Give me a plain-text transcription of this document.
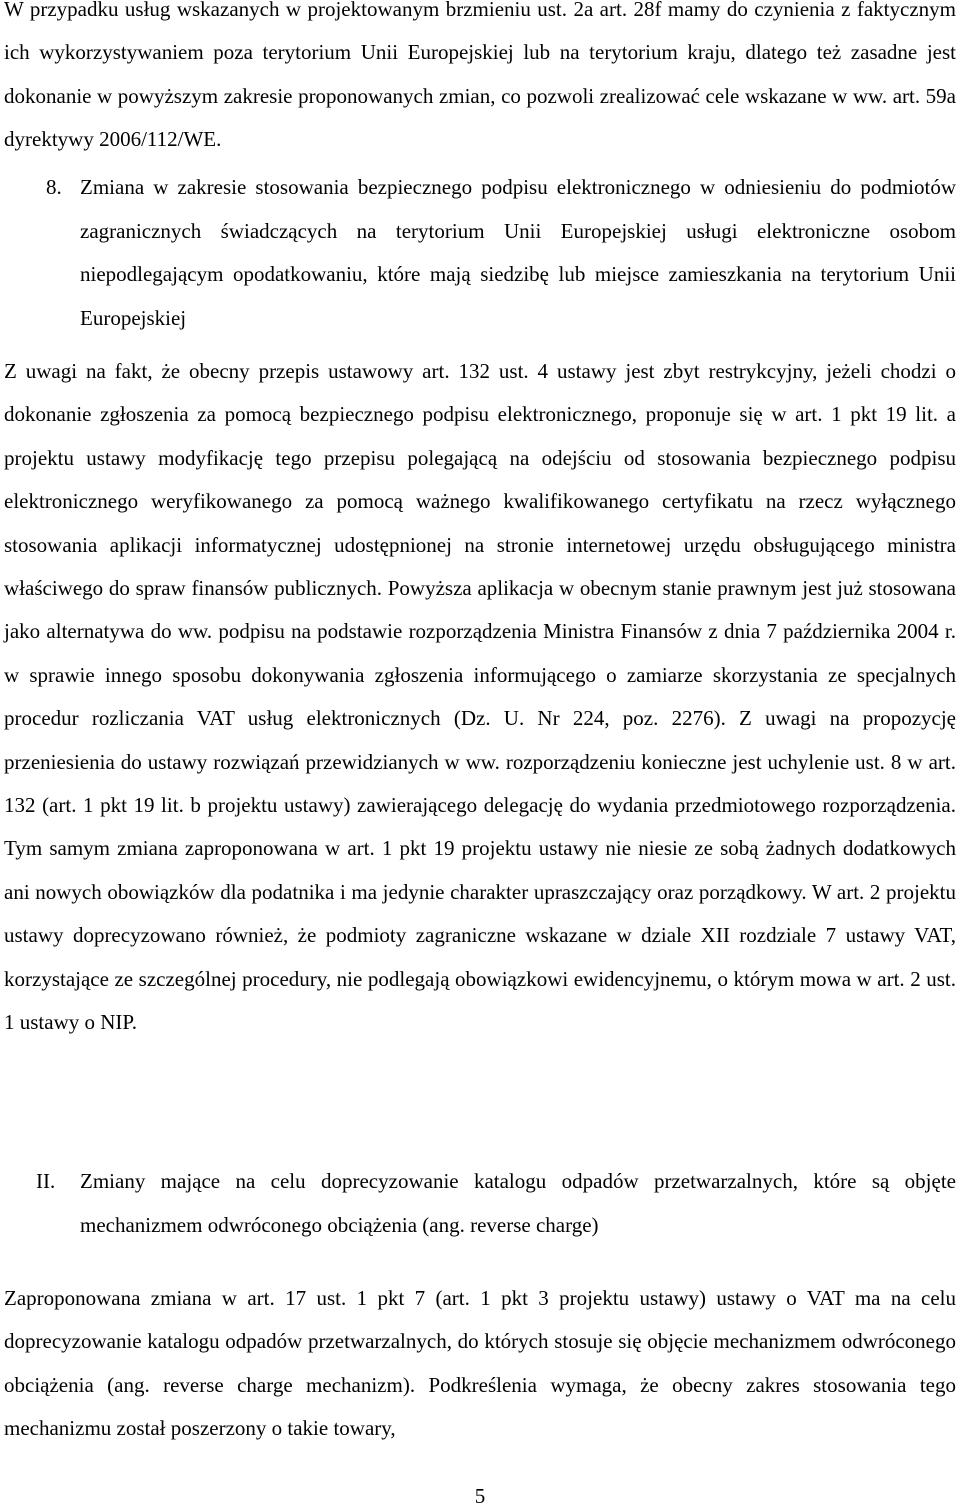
W przypadku usług wskazanych w projektowanym brzmieniu ust. 2a art. 28f mamy do czynienia z faktycznym ich wykorzystywaniem poza terytorium Unii Europejskiej lub na terytorium kraju, dlatego też zasadne jest dokonanie w powyższym zakresie proponowanych zmian, co pozwoli zrealizować cele wskazane w ww. art. 59a dyrektywy 2006/112/WE.

8. Zmiana w zakresie stosowania bezpiecznego podpisu elektronicznego w odniesieniu do podmiotów zagranicznych świadczących na terytorium Unii Europejskiej usługi elektroniczne osobom niepodlegającym opodatkowaniu, które mają siedzibę lub miejsce zamieszkania na terytorium Unii Europejskiej

Z uwagi na fakt, że obecny przepis ustawowy art. 132 ust. 4 ustawy jest zbyt restrykcyjny, jeżeli chodzi o dokonanie zgłoszenia za pomocą bezpiecznego podpisu elektronicznego, proponuje się w art. 1 pkt 19 lit. a projektu ustawy modyfikację tego przepisu polegającą na odejściu od stosowania bezpiecznego podpisu elektronicznego weryfikowanego za pomocą ważnego kwalifikowanego certyfikatu na rzecz wyłącznego stosowania aplikacji informatycznej udostępnionej na stronie internetowej urzędu obsługującego ministra właściwego do spraw finansów publicznych. Powyższa aplikacja w obecnym stanie prawnym jest już stosowana jako alternatywa do ww. podpisu na podstawie rozporządzenia Ministra Finansów z dnia 7 października 2004 r. w sprawie innego sposobu dokonywania zgłoszenia informującego o zamiarze skorzystania ze specjalnych procedur rozliczania VAT usług elektronicznych (Dz. U. Nr 224, poz. 2276). Z uwagi na propozycję przeniesienia do ustawy rozwiązań przewidzianych w ww. rozporządzeniu konieczne jest uchylenie ust. 8 w art. 132 (art. 1 pkt 19 lit. b projektu ustawy) zawierającego delegację do wydania przedmiotowego rozporządzenia. Tym samym zmiana zaproponowana w art. 1 pkt 19 projektu ustawy nie niesie ze sobą żadnych dodatkowych ani nowych obowiązków dla podatnika i ma jedynie charakter upraszczający oraz porządkowy. W art. 2 projektu ustawy doprecyzowano również, że podmioty zagraniczne wskazane w dziale XII rozdziale 7 ustawy VAT, korzystające ze szczególnej procedury, nie podlegają obowiązkowi ewidencyjnemu, o którym mowa w art. 2 ust. 1 ustawy o NIP.

II. Zmiany mające na celu doprecyzowanie katalogu odpadów przetwarzalnych, które są objęte mechanizmem odwróconego obciążenia (ang. reverse charge)

Zaproponowana zmiana w art. 17 ust. 1 pkt 7 (art. 1 pkt 3 projektu ustawy) ustawy o VAT ma na celu doprecyzowanie katalogu odpadów przetwarzalnych, do których stosuje się objęcie mechanizmem odwróconego obciążenia (ang. reverse charge mechanizm). Podkreślenia wymaga, że obecny zakres stosowania tego mechanizmu został poszerzony o takie towary,

5
